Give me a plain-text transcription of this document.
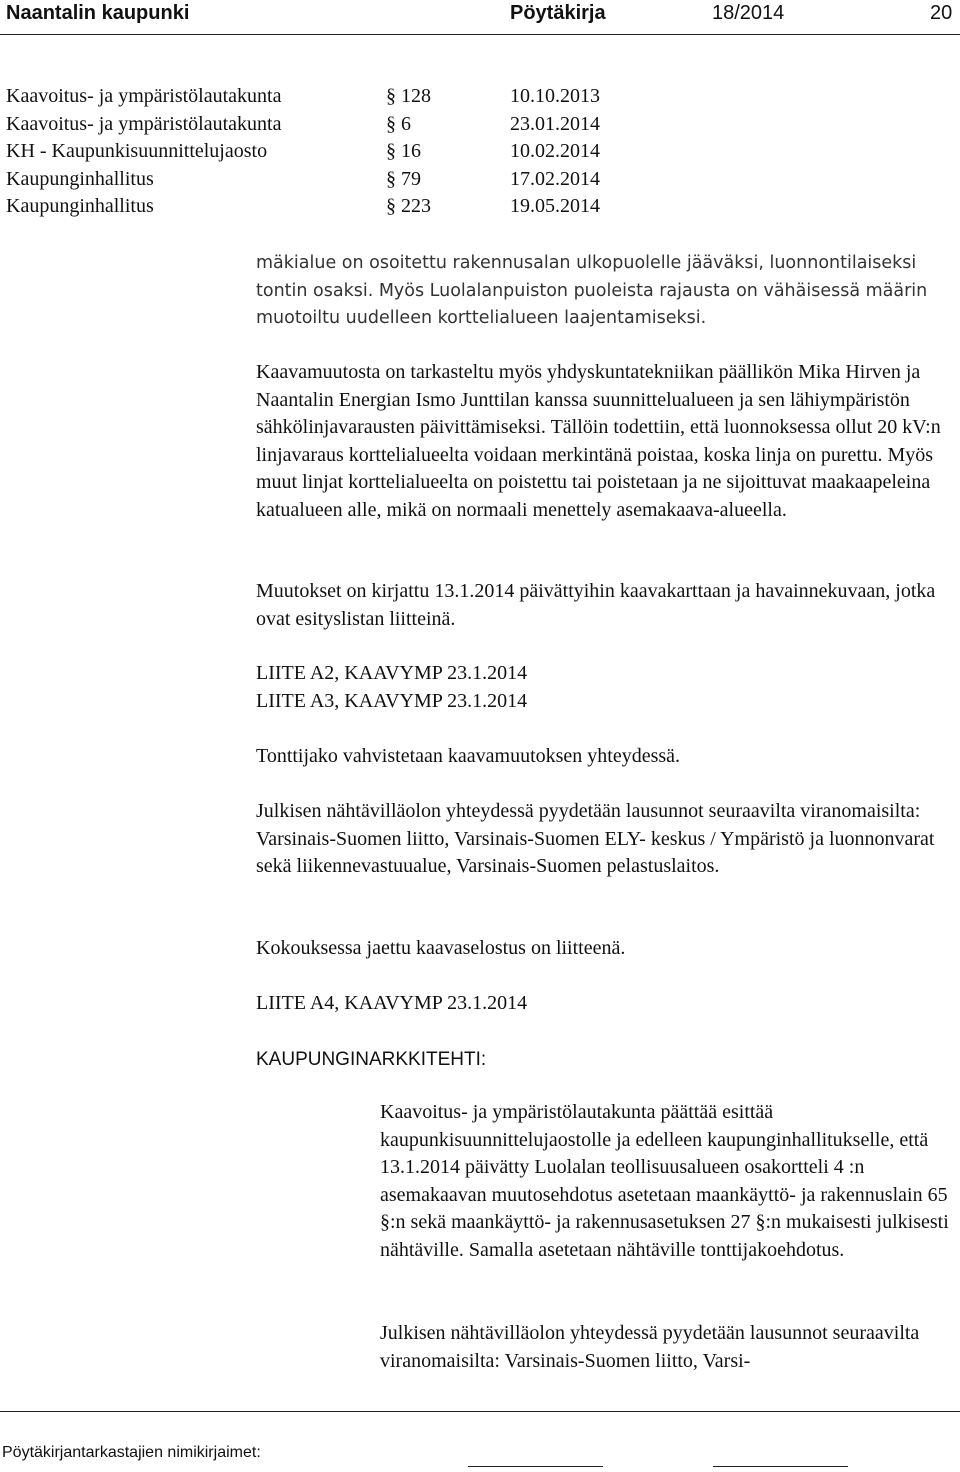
Naantalin kaupunki	Pöytäkirja	18/2014	20
Kaavoitus- ja ympäristölautakunta	§ 128	10.10.2013
Kaavoitus- ja ympäristölautakunta	§ 6	23.01.2014
KH - Kaupunkisuunnittelujaosto	§ 16	10.02.2014
Kaupunginhallitus	§ 79	17.02.2014
Kaupunginhallitus	§ 223	19.05.2014

mäkialue on osoitettu rakennusalan ulkopuolelle jääväksi, luonnontilaiseksi tontin osaksi. Myös Luolalanpuiston puoleista rajausta on vähäisessä määrin muotoiltu uudelleen korttelialueen laajentamiseksi.

Kaavamuutosta on tarkasteltu myös yhdyskuntatekniikan päällikön Mika Hirven ja Naantalin Energian Ismo Junttilan kanssa suunnittelualueen ja sen lähiympäristön sähkölinjavarausten päivittämiseksi. Tällöin todettiin, että luonnoksessa ollut 20 kV:n linjavaraus korttelialueelta voidaan merkintänä poistaa, koska linja on purettu. Myös muut linjat korttelialueelta on poistettu tai poistetaan ja ne sijoittuvat maakaapeleina katualueen alle, mikä on normaali menettely asemakaava-alueella.

Muutokset on kirjattu 13.1.2014 päivättyihin kaavakarttaan ja havainnekuvaan, jotka ovat esityslistan liitteinä.

LIITE A2, KAAVYMP 23.1.2014

LIITE A3, KAAVYMP 23.1.2014

Tonttijako vahvistetaan kaavamuutoksen yhteydessä.

Julkisen nähtävilläolon yhteydessä pyydetään lausunnot seuraavilta viranomaisilta: Varsinais-Suomen liitto, Varsinais-Suomen ELY- keskus / Ympäristö ja luonnonvarat sekä liikennevastuualue, Varsinais-Suomen pelastuslaitos.

Kokouksessa jaettu kaavaselostus on liitteenä.

LIITE A4, KAAVYMP 23.1.2014

KAUPUNGINARKKITEHTI:

Kaavoitus- ja ympäristölautakunta päättää esittää kaupunkisuunnittelujaostolle ja edelleen kaupunginhallitukselle, että 13.1.2014 päivätty Luolalan teollisuusalueen osakortteli 4 :n asemakaavan muutosehdotus asetetaan maankäyttö- ja rakennuslain 65 §:n sekä maankäyttö- ja rakennusasetuksen 27 §:n mukaisesti julkisesti nähtäville. Samalla asetetaan nähtäville tonttijakoehdotus.

Julkisen nähtävilläolon yhteydessä pyydetään lausunnot seuraavilta viranomaisilta: Varsinais-Suomen liitto, Varsi-

Pöytäkirjantarkastajien nimikirjaimet:
